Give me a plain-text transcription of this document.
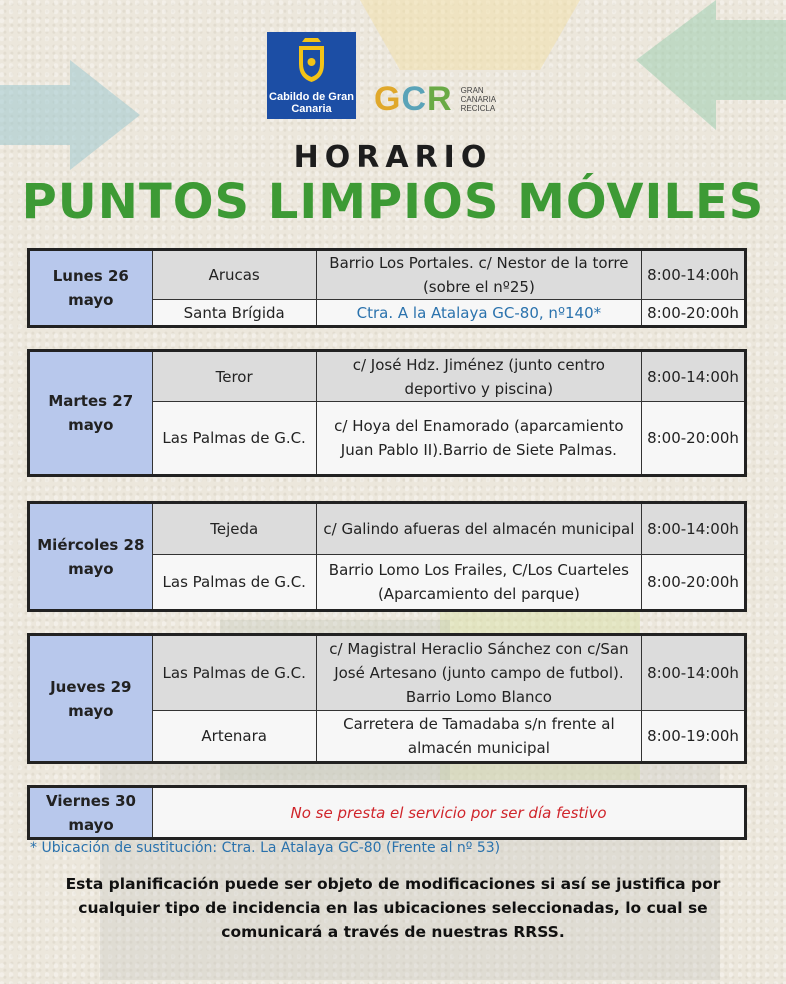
Cabildo de Gran Canaria	GCR GRAN
CANARIA
RECICLA
HORARIO
PUNTOS LIMPIOS MÓVILES
Lunes 26 mayo	Arucas	Barrio Los Portales. c/ Nestor de la torre (sobre el nº25)	8:00-14:00h
	Santa Brígida	Ctra. A la Atalaya GC-80, nº140*	8:00-20:00h
Martes 27 mayo	Teror	c/ José Hdz. Jiménez (junto centro deportivo y piscina)	8:00-14:00h
	Las Palmas de G.C.	c/ Hoya del Enamorado (aparcamiento Juan Pablo II).Barrio de Siete Palmas.	8:00-20:00h
Miércoles 28 mayo	Tejeda	c/ Galindo afueras del almacén municipal	8:00-14:00h
	Las Palmas de G.C.	Barrio Lomo Los Frailes, C/Los Cuarteles (Aparcamiento del parque)	8:00-20:00h
Jueves 29 mayo	Las Palmas de G.C.	c/ Magistral Heraclio Sánchez con c/San José Artesano (junto campo de futbol). Barrio Lomo Blanco	8:00-14:00h
	Artenara	Carretera de Tamadaba s/n frente al almacén municipal	8:00-19:00h
Viernes 30 mayo	No se presta el servicio por ser día festivo
* Ubicación de sustitución: Ctra. La Atalaya GC-80 (Frente al nº 53)
Esta planificación puede ser objeto de modificaciones si así se justifica por cualquier tipo de incidencia en las ubicaciones seleccionadas, lo cual se comunicará a través de nuestras RRSS.
